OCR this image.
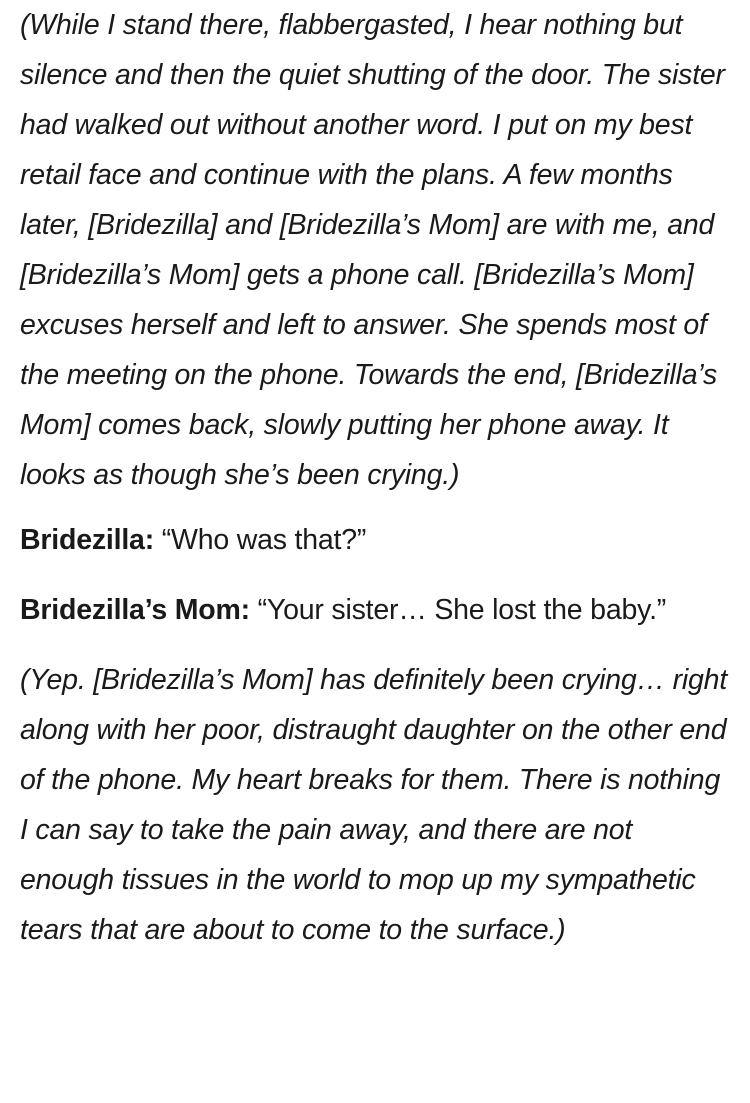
(While I stand there, flabbergasted, I hear nothing but silence and then the quiet shutting of the door. The sister had walked out without another word. I put on my best retail face and continue with the plans. A few months later, [Bridezilla] and [Bridezilla’s Mom] are with me, and [Bridezilla’s Mom] gets a phone call. [Bridezilla’s Mom] excuses herself and left to answer. She spends most of the meeting on the phone. Towards the end, [Bridezilla’s Mom] comes back, slowly putting her phone away. It looks as though she’s been crying.)

Bridezilla: “Who was that?”

Bridezilla’s Mom: “Your sister… She lost the baby.”

(Yep. [Bridezilla’s Mom] has definitely been crying… right along with her poor, distraught daughter on the other end of the phone. My heart breaks for them. There is nothing I can say to take the pain away, and there are not enough tissues in the world to mop up my sympathetic tears that are about to come to the surface.)
